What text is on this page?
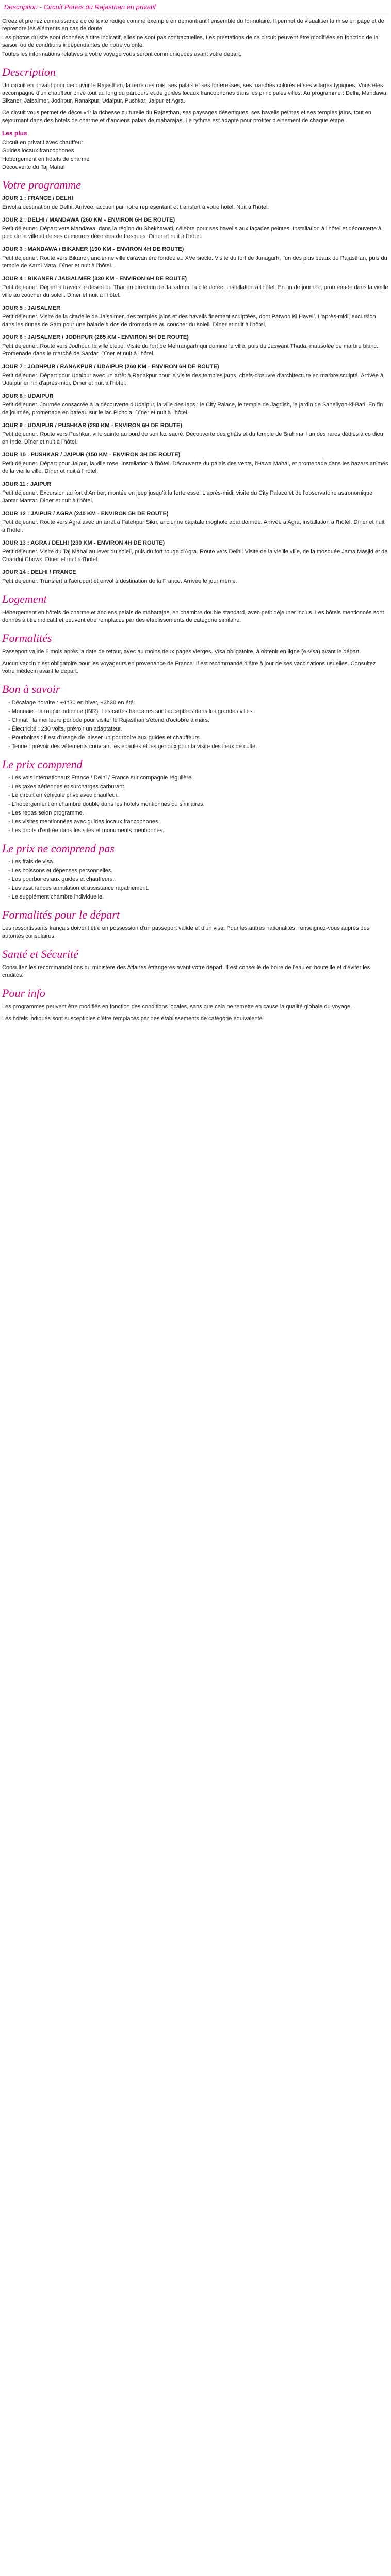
Description - Circuit Perles du Rajasthan en privatif

Créez et prenez connaissance de ce texte rédigé comme exemple en démontrant l'ensemble du formulaire. Il permet de visualiser la mise en page et de reprendre les éléments en cas de doute.

Les photos du site sont données à titre indicatif, elles ne sont pas contractuelles. Les prestations de ce circuit peuvent être modifiées en fonction de la saison ou de conditions indépendantes de notre volonté.

Toutes les informations relatives à votre voyage vous seront communiquées avant votre départ.

Description

Un circuit en privatif pour découvrir le Rajasthan, la terre des rois, ses palais et ses forteresses, ses marchés colorés et ses villages typiques. Vous êtes accompagné d'un chauffeur privé tout au long du parcours et de guides locaux francophones dans les principales villes. Au programme : Delhi, Mandawa, Bikaner, Jaisalmer, Jodhpur, Ranakpur, Udaipur, Pushkar, Jaipur et Agra.

Ce circuit vous permet de découvrir la richesse culturelle du Rajasthan, ses paysages désertiques, ses havelis peintes et ses temples jaïns, tout en séjournant dans des hôtels de charme et d'anciens palais de maharajas. Le rythme est adapté pour profiter pleinement de chaque étape.

Les plus

Circuit en privatif avec chauffeur

Guides locaux francophones

Hébergement en hôtels de charme

Découverte du Taj Mahal

Votre programme

JOUR 1 : FRANCE / DELHI

Envol à destination de Delhi. Arrivée, accueil par notre représentant et transfert à votre hôtel. Nuit à l'hôtel.

JOUR 2 : DELHI / MANDAWA (260 KM - ENVIRON 6H DE ROUTE)

Petit déjeuner. Départ vers Mandawa, dans la région du Shekhawati, célèbre pour ses havelis aux façades peintes. Installation à l'hôtel et découverte à pied de la ville et de ses demeures décorées de fresques. Dîner et nuit à l'hôtel.

JOUR 3 : MANDAWA / BIKANER (190 KM - ENVIRON 4H DE ROUTE)

Petit déjeuner. Route vers Bikaner, ancienne ville caravanière fondée au XVe siècle. Visite du fort de Junagarh, l'un des plus beaux du Rajasthan, puis du temple de Karni Mata. Dîner et nuit à l'hôtel.

JOUR 4 : BIKANER / JAISALMER (330 KM - ENVIRON 6H DE ROUTE)

Petit déjeuner. Départ à travers le désert du Thar en direction de Jaisalmer, la cité dorée. Installation à l'hôtel. En fin de journée, promenade dans la vieille ville au coucher du soleil. Dîner et nuit à l'hôtel.

JOUR 5 : JAISALMER

Petit déjeuner. Visite de la citadelle de Jaisalmer, des temples jaïns et des havelis finement sculptées, dont Patwon Ki Haveli. L'après-midi, excursion dans les dunes de Sam pour une balade à dos de dromadaire au coucher du soleil. Dîner et nuit à l'hôtel.

JOUR 6 : JAISALMER / JODHPUR (285 KM - ENVIRON 5H DE ROUTE)

Petit déjeuner. Route vers Jodhpur, la ville bleue. Visite du fort de Mehrangarh qui domine la ville, puis du Jaswant Thada, mausolée de marbre blanc. Promenade dans le marché de Sardar. Dîner et nuit à l'hôtel.

JOUR 7 : JODHPUR / RANAKPUR / UDAIPUR (260 KM - ENVIRON 6H DE ROUTE)

Petit déjeuner. Départ pour Udaipur avec un arrêt à Ranakpur pour la visite des temples jaïns, chefs-d'œuvre d'architecture en marbre sculpté. Arrivée à Udaipur en fin d'après-midi. Dîner et nuit à l'hôtel.

JOUR 8 : UDAIPUR

Petit déjeuner. Journée consacrée à la découverte d'Udaipur, la ville des lacs : le City Palace, le temple de Jagdish, le jardin de Saheliyon-ki-Bari. En fin de journée, promenade en bateau sur le lac Pichola. Dîner et nuit à l'hôtel.

JOUR 9 : UDAIPUR / PUSHKAR (280 KM - ENVIRON 6H DE ROUTE)

Petit déjeuner. Route vers Pushkar, ville sainte au bord de son lac sacré. Découverte des ghâts et du temple de Brahma, l'un des rares dédiés à ce dieu en Inde. Dîner et nuit à l'hôtel.

JOUR 10 : PUSHKAR / JAIPUR (150 KM - ENVIRON 3H DE ROUTE)

Petit déjeuner. Départ pour Jaipur, la ville rose. Installation à l'hôtel. Découverte du palais des vents, l'Hawa Mahal, et promenade dans les bazars animés de la vieille ville. Dîner et nuit à l'hôtel.

JOUR 11 : JAIPUR

Petit déjeuner. Excursion au fort d'Amber, montée en jeep jusqu'à la forteresse. L'après-midi, visite du City Palace et de l'observatoire astronomique Jantar Mantar. Dîner et nuit à l'hôtel.

JOUR 12 : JAIPUR / AGRA (240 KM - ENVIRON 5H DE ROUTE)

Petit déjeuner. Route vers Agra avec un arrêt à Fatehpur Sikri, ancienne capitale moghole abandonnée. Arrivée à Agra, installation à l'hôtel. Dîner et nuit à l'hôtel.

JOUR 13 : AGRA / DELHI (230 KM - ENVIRON 4H DE ROUTE)

Petit déjeuner. Visite du Taj Mahal au lever du soleil, puis du fort rouge d'Agra. Route vers Delhi. Visite de la vieille ville, de la mosquée Jama Masjid et de Chandni Chowk. Dîner et nuit à l'hôtel.

JOUR 14 : DELHI / FRANCE

Petit déjeuner. Transfert à l'aéroport et envol à destination de la France. Arrivée le jour même.

Logement

Hébergement en hôtels de charme et anciens palais de maharajas, en chambre double standard, avec petit déjeuner inclus. Les hôtels mentionnés sont donnés à titre indicatif et peuvent être remplacés par des établissements de catégorie similaire.

Formalités

Passeport valide 6 mois après la date de retour, avec au moins deux pages vierges. Visa obligatoire, à obtenir en ligne (e-visa) avant le départ.

Aucun vaccin n'est obligatoire pour les voyageurs en provenance de France. Il est recommandé d'être à jour de ses vaccinations usuelles. Consultez votre médecin avant le départ.

Bon à savoir
- Décalage horaire : +4h30 en hiver, +3h30 en été.
- Monnaie : la roupie indienne (INR). Les cartes bancaires sont acceptées dans les grandes villes.
- Climat : la meilleure période pour visiter le Rajasthan s'étend d'octobre à mars.
- Électricité : 230 volts, prévoir un adaptateur.
- Pourboires : il est d'usage de laisser un pourboire aux guides et chauffeurs.
- Tenue : prévoir des vêtements couvrant les épaules et les genoux pour la visite des lieux de culte.
Le prix comprend
- Les vols internationaux France / Delhi / France sur compagnie régulière.
- Les taxes aériennes et surcharges carburant.
- Le circuit en véhicule privé avec chauffeur.
- L'hébergement en chambre double dans les hôtels mentionnés ou similaires.
- Les repas selon programme.
- Les visites mentionnées avec guides locaux francophones.
- Les droits d'entrée dans les sites et monuments mentionnés.
Le prix ne comprend pas
- Les frais de visa.
- Les boissons et dépenses personnelles.
- Les pourboires aux guides et chauffeurs.
- Les assurances annulation et assistance rapatriement.
- Le supplément chambre individuelle.
Formalités pour le départ

Les ressortissants français doivent être en possession d'un passeport valide et d'un visa. Pour les autres nationalités, renseignez-vous auprès des autorités consulaires.

Santé et Sécurité

Consultez les recommandations du ministère des Affaires étrangères avant votre départ. Il est conseillé de boire de l'eau en bouteille et d'éviter les crudités.

Pour info

Les programmes peuvent être modifiés en fonction des conditions locales, sans que cela ne remette en cause la qualité globale du voyage.

Les hôtels indiqués sont susceptibles d'être remplacés par des établissements de catégorie équivalente.
